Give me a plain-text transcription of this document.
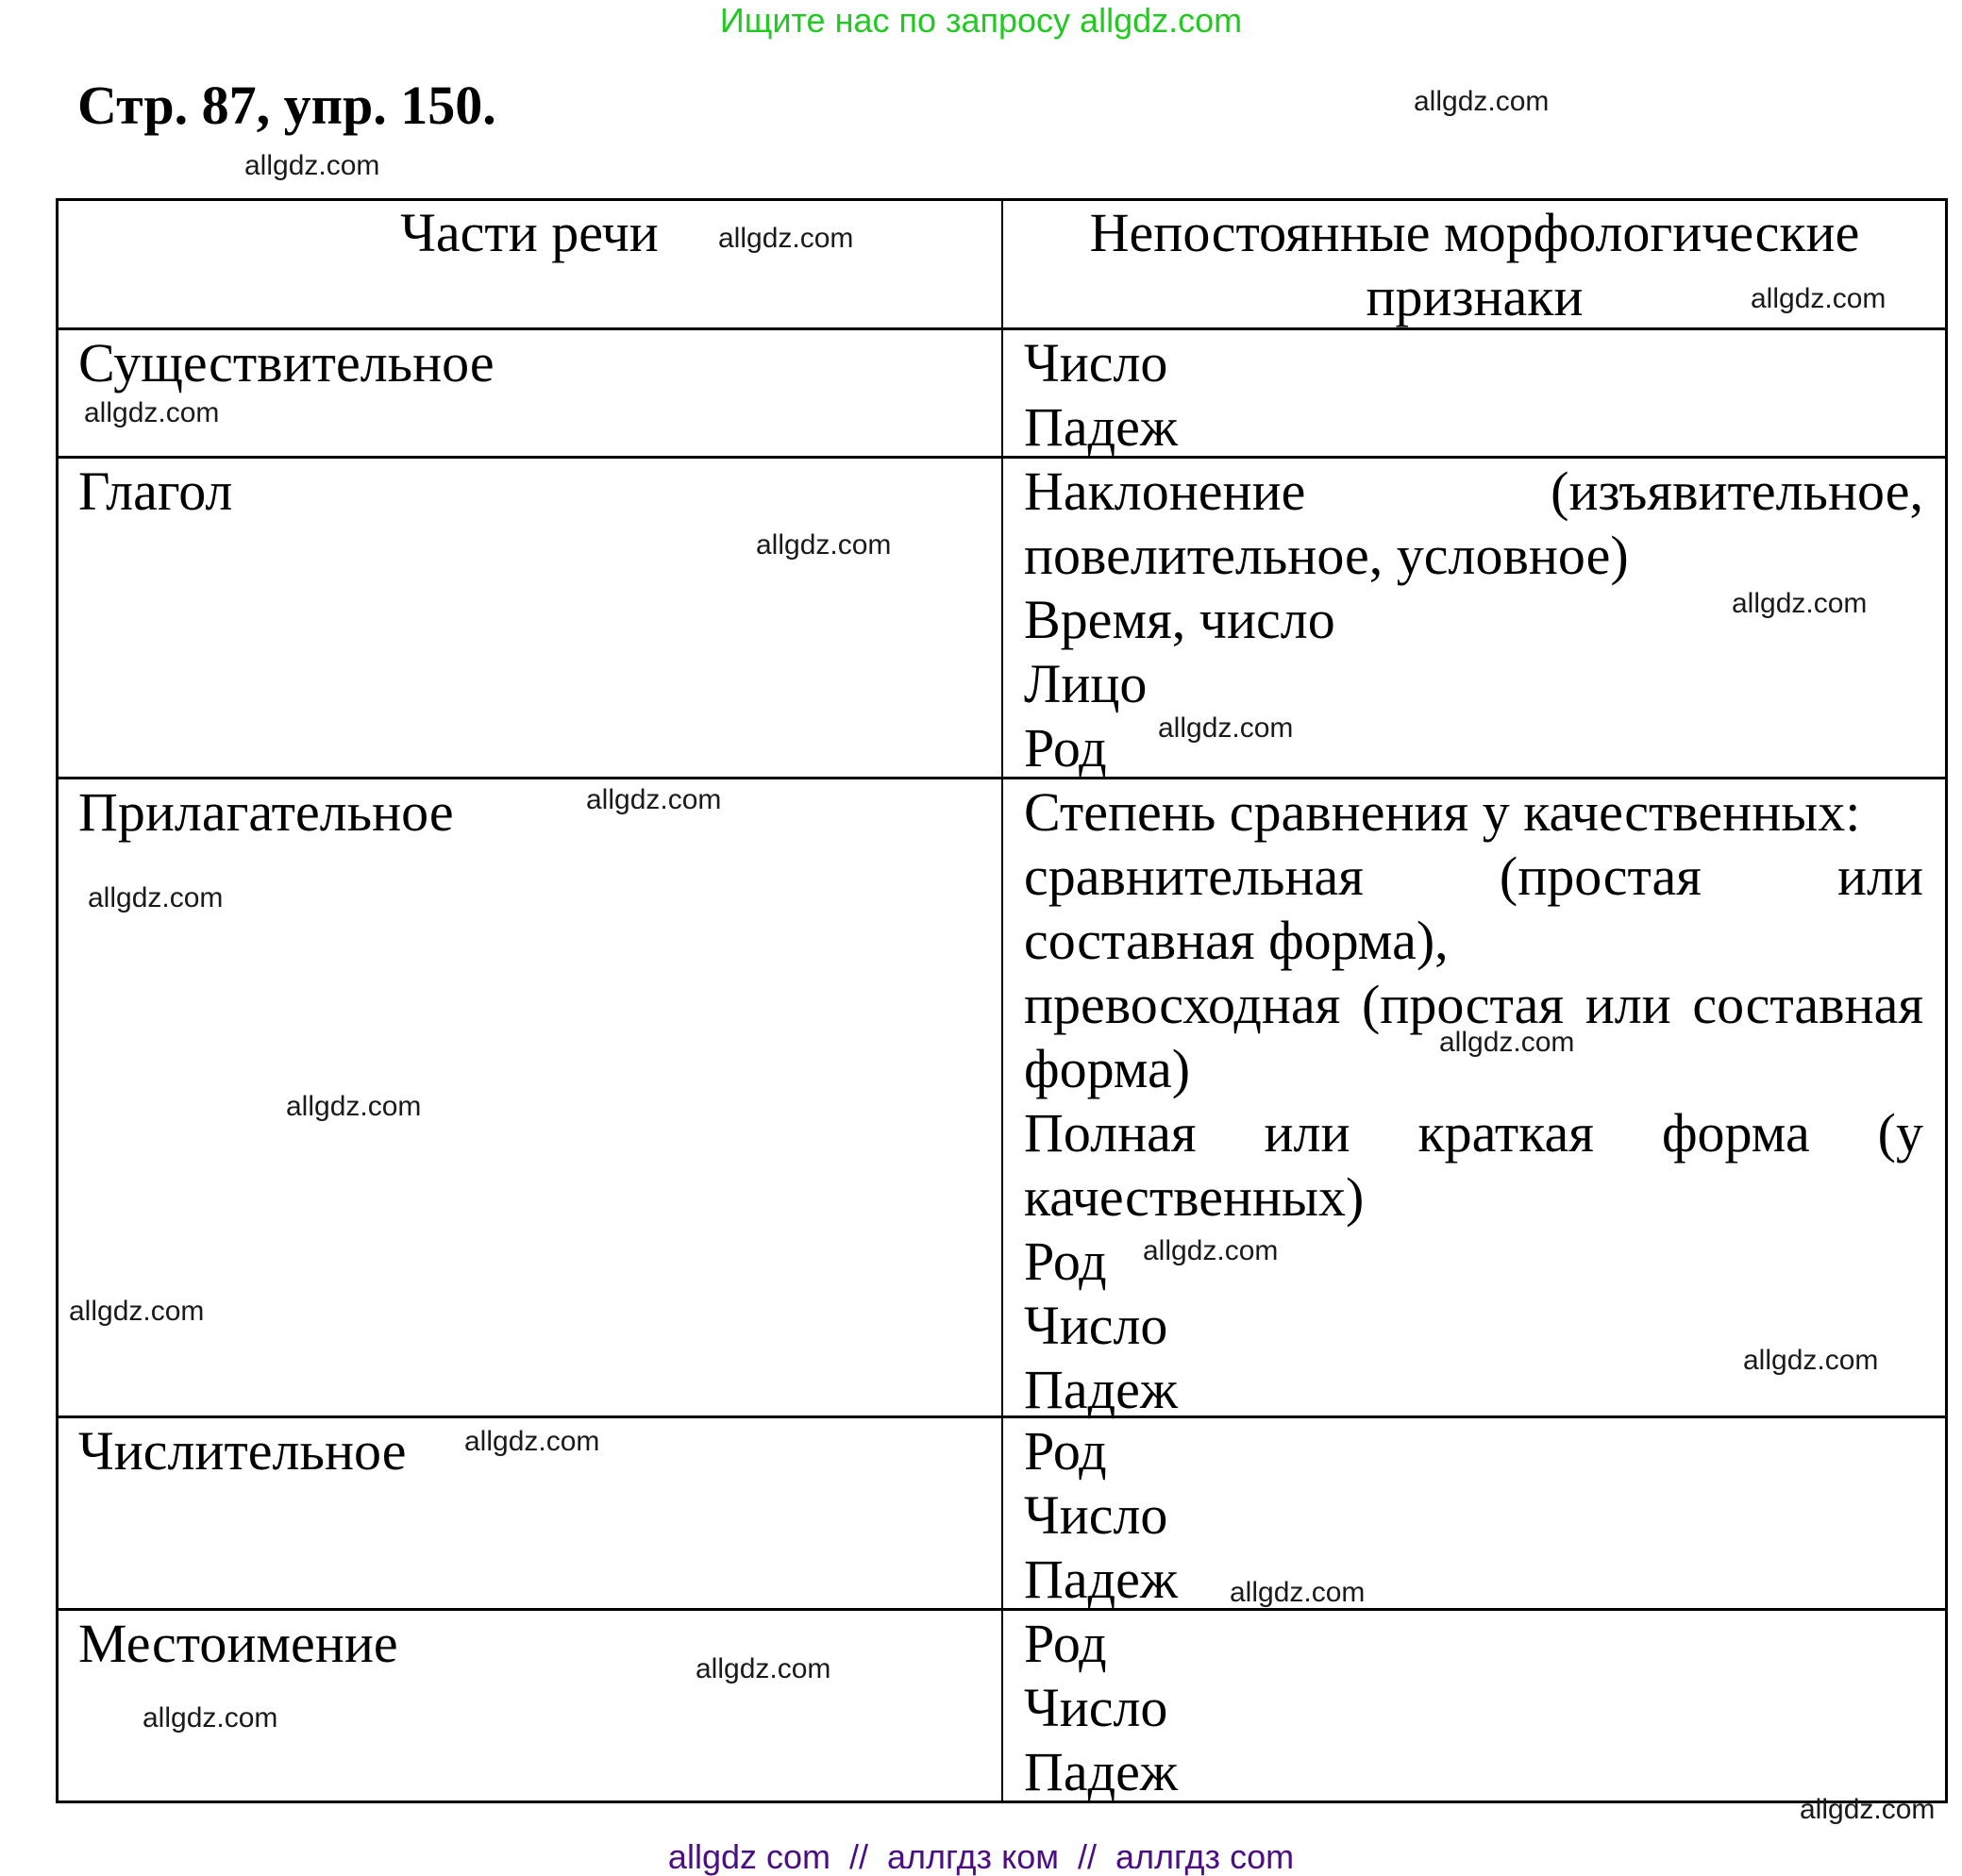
Ищите нас по запросу allgdz.com
Стр. 87, упр. 150.
Части речи	Непостоянные морфологические
признаки
Существительное	Число
Падеж
Глагол	Наклонение (изъявительное,
повелительное, условное)
Время, число
Лицо
Род
Прилагательное	Степень сравнения у качественных:
сравнительная (простая или
составная форма),
превосходная (простая или составная
форма)
Полная или краткая форма (у
качественных)
Род
Число
Падеж
Числительное	Род
Число
Падеж
Местоимение	Род
Число
Падеж
allgdz.com
allgdz.com
allgdz.com
allgdz.com
allgdz.com
allgdz.com
allgdz.com
allgdz.com
allgdz.com
allgdz.com
allgdz.com
allgdz.com
allgdz.com
allgdz.com
allgdz.com
allgdz.com
allgdz.com
allgdz.com
allgdz.com
allgdz.com
allgdz com  //  аллгдз ком  //  аллгдз com
